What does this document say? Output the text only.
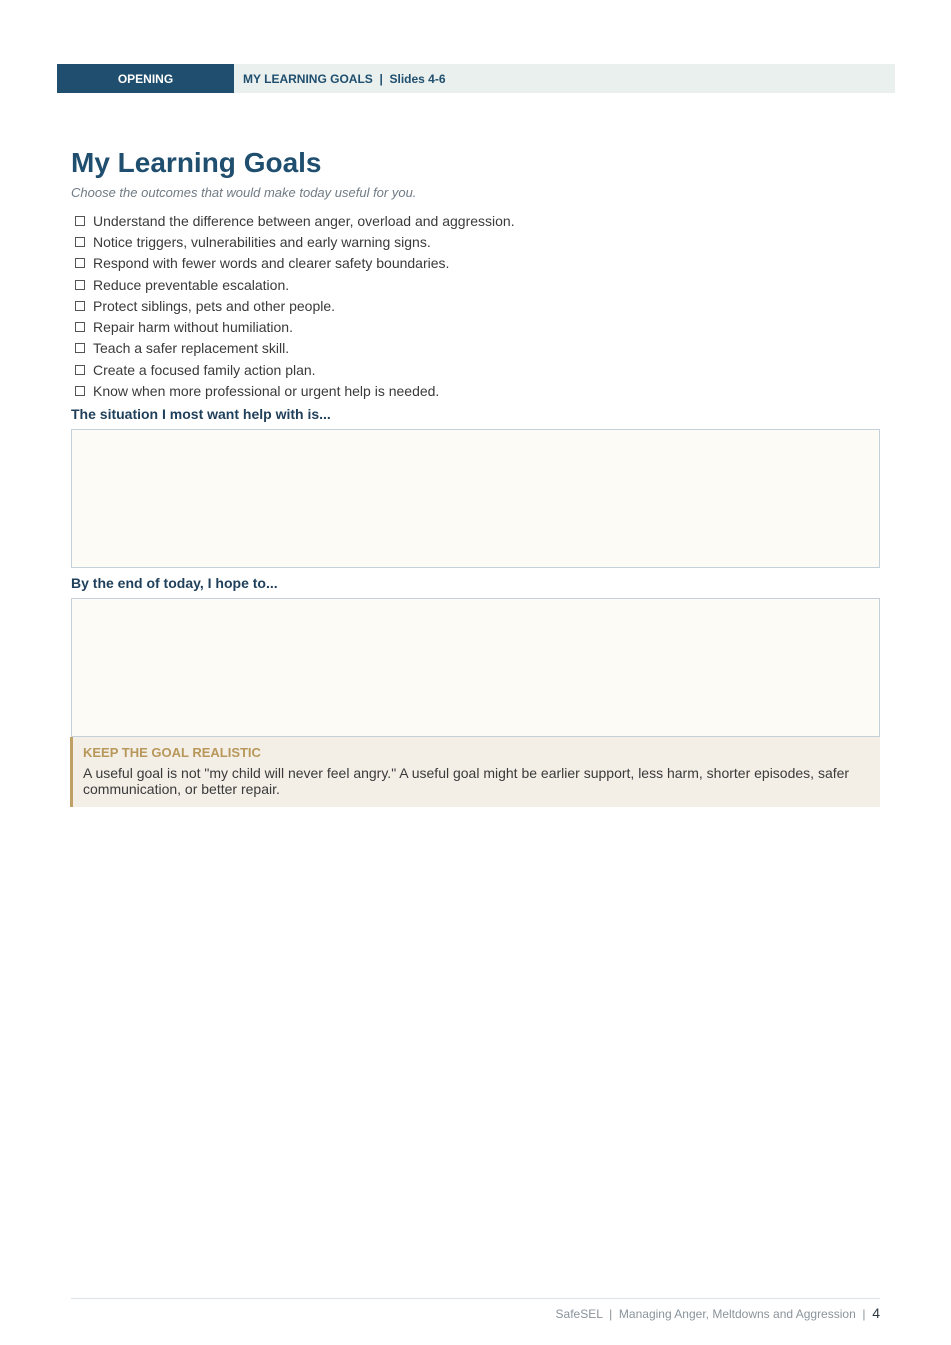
OPENING	MY LEARNING GOALS  |  Slides 4-6
My Learning Goals
Choose the outcomes that would make today useful for you.
Understand the difference between anger, overload and aggression.
Notice triggers, vulnerabilities and early warning signs.
Respond with fewer words and clearer safety boundaries.
Reduce preventable escalation.
Protect siblings, pets and other people.
Repair harm without humiliation.
Teach a safer replacement skill.
Create a focused family action plan.
Know when more professional or urgent help is needed.
The situation I most want help with is...
By the end of today, I hope to...
KEEP THE GOAL REALISTIC
A useful goal is not "my child will never feel angry." A useful goal might be earlier support, less harm, shorter episodes, safer communication, or better repair.
SafeSEL  |  Managing Anger, Meltdowns and Aggression  | 4
